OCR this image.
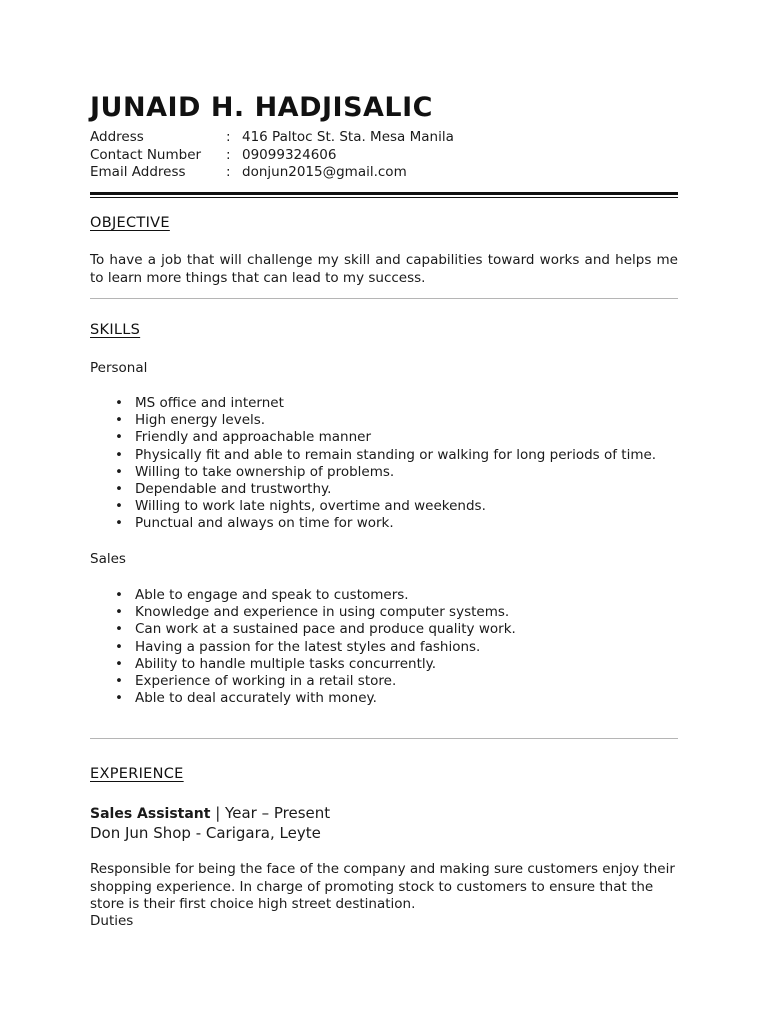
JUNAID H. HADJISALIC
Address	: 416 Paltoc St. Sta. Mesa Manila
Contact Number	: 09099324606
Email Address	: donjun2015@gmail.com
OBJECTIVE

To have a job that will challenge my skill and capabilities toward works and helps me to learn more things that can lead to my success.

SKILLS

Personal

• MS office and internet
• High energy levels.
• Friendly and approachable manner
• Physically fit and able to remain standing or walking for long periods of time.
• Willing to take ownership of problems.
• Dependable and trustworthy.
• Willing to work late nights, overtime and weekends.
• Punctual and always on time for work.

Sales

• Able to engage and speak to customers.
• Knowledge and experience in using computer systems.
• Can work at a sustained pace and produce quality work.
• Having a passion for the latest styles and fashions.
• Ability to handle multiple tasks concurrently.
• Experience of working in a retail store.
• Able to deal accurately with money.
EXPERIENCE

Sales Assistant | Year – Present

Don Jun Shop - Carigara, Leyte

Responsible for being the face of the company and making sure customers enjoy their shopping experience. In charge of promoting stock to customers to ensure that the store is their first choice high street destination.

Duties
